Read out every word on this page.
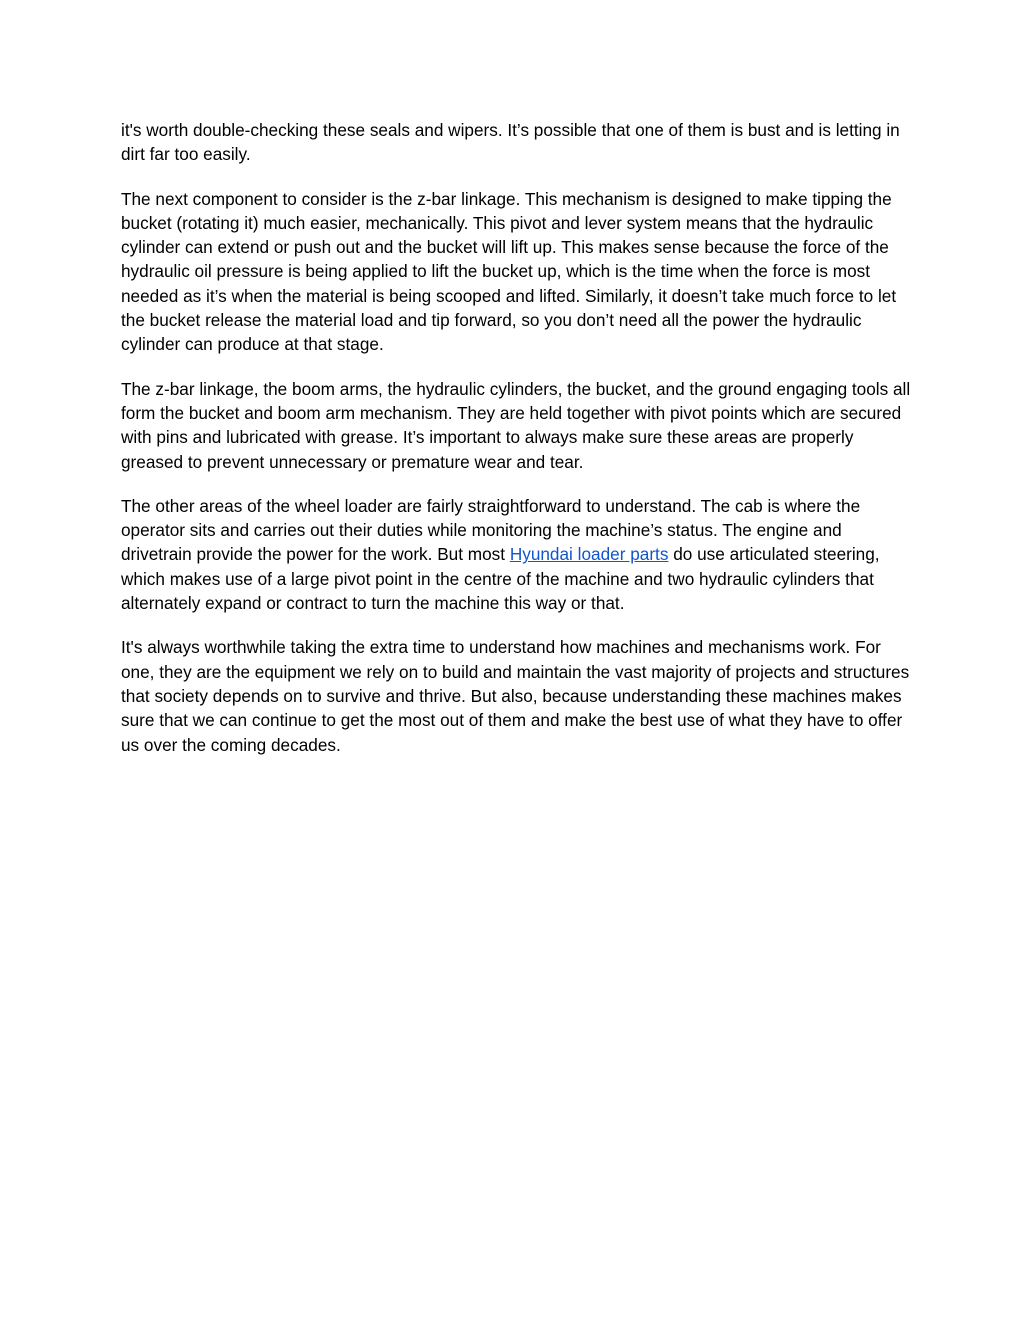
it's worth double-checking these seals and wipers. It’s possible that one of them is bust and is letting in dirt far too easily.

The next component to consider is the z-bar linkage. This mechanism is designed to make tipping the bucket (rotating it) much easier, mechanically. This pivot and lever system means that the hydraulic cylinder can extend or push out and the bucket will lift up. This makes sense because the force of the hydraulic oil pressure is being applied to lift the bucket up, which is the time when the force is most needed as it’s when the material is being scooped and lifted. Similarly, it doesn’t take much force to let the bucket release the material load and tip forward, so you don’t need all the power the hydraulic cylinder can produce at that stage.

The z-bar linkage, the boom arms, the hydraulic cylinders, the bucket, and the ground engaging tools all form the bucket and boom arm mechanism. They are held together with pivot points which are secured with pins and lubricated with grease. It’s important to always make sure these areas are properly greased to prevent unnecessary or premature wear and tear.

The other areas of the wheel loader are fairly straightforward to understand. The cab is where the operator sits and carries out their duties while monitoring the machine’s status. The engine and drivetrain provide the power for the work. But most Hyundai loader parts do use articulated steering, which makes use of a large pivot point in the centre of the machine and two hydraulic cylinders that alternately expand or contract to turn the machine this way or that.

It's always worthwhile taking the extra time to understand how machines and mechanisms work. For one, they are the equipment we rely on to build and maintain the vast majority of projects and structures that society depends on to survive and thrive. But also, because understanding these machines makes sure that we can continue to get the most out of them and make the best use of what they have to offer us over the coming decades.
